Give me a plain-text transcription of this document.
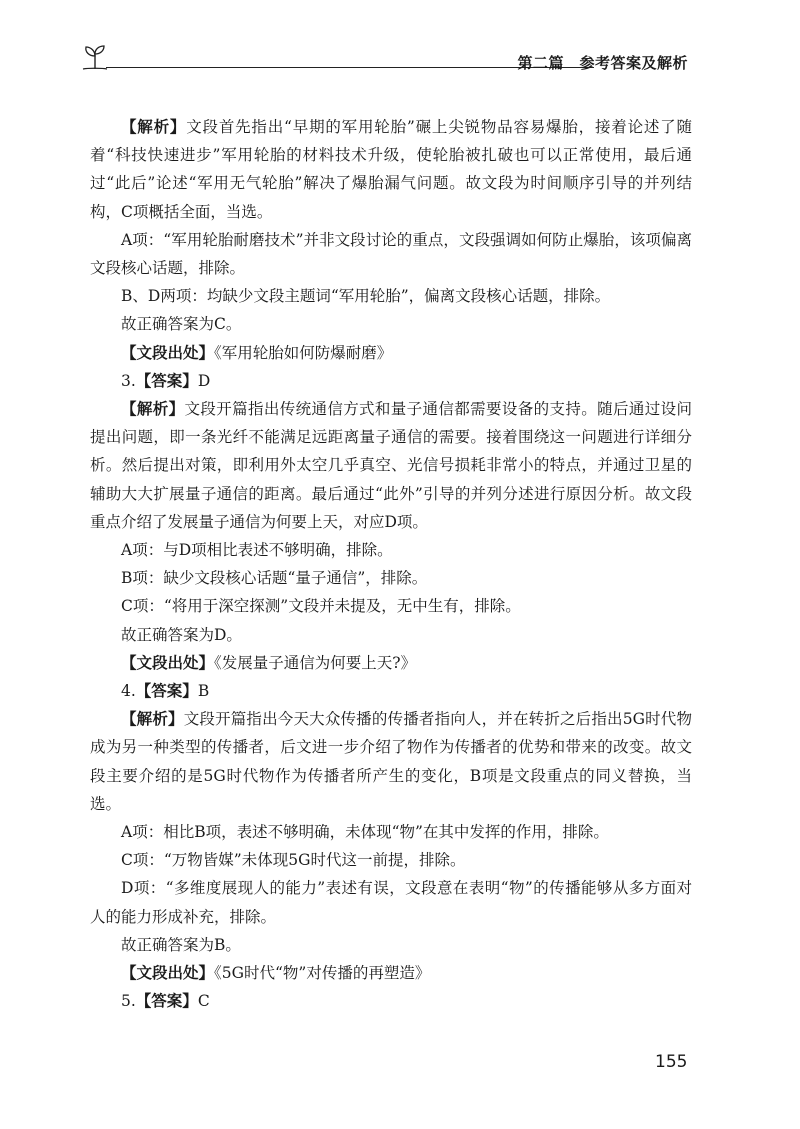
第二篇　参考答案及解析

【解析】文段首先指出“早期的军用轮胎”碾上尖锐物品容易爆胎，接着论述了随着“科技快速进步”军用轮胎的材料技术升级，使轮胎被扎破也可以正常使用，最后通过“此后”论述“军用无气轮胎”解决了爆胎漏气问题。故文段为时间顺序引导的并列结构，C项概括全面，当选。

A项：“军用轮胎耐磨技术”并非文段讨论的重点，文段强调如何防止爆胎，该项偏离文段核心话题，排除。

B、D两项：均缺少文段主题词“军用轮胎”，偏离文段核心话题，排除。

故正确答案为C。

【文段出处】《军用轮胎如何防爆耐磨》

3.【答案】D

【解析】文段开篇指出传统通信方式和量子通信都需要设备的支持。随后通过设问提出问题，即一条光纤不能满足远距离量子通信的需要。接着围绕这一问题进行详细分析。然后提出对策，即利用外太空几乎真空、光信号损耗非常小的特点，并通过卫星的辅助大大扩展量子通信的距离。最后通过“此外”引导的并列分述进行原因分析。故文段重点介绍了发展量子通信为何要上天，对应D项。

A项：与D项相比表述不够明确，排除。

B项：缺少文段核心话题“量子通信”，排除。

C项：“将用于深空探测”文段并未提及，无中生有，排除。

故正确答案为D。

【文段出处】《发展量子通信为何要上天?》

4.【答案】B

【解析】文段开篇指出今天大众传播的传播者指向人，并在转折之后指出5G时代物成为另一种类型的传播者，后文进一步介绍了物作为传播者的优势和带来的改变。故文段主要介绍的是5G时代物作为传播者所产生的变化，B项是文段重点的同义替换，当选。

A项：相比B项，表述不够明确，未体现“物”在其中发挥的作用，排除。

C项：“万物皆媒”未体现5G时代这一前提，排除。

D项：“多维度展现人的能力”表述有误，文段意在表明“物”的传播能够从多方面对人的能力形成补充，排除。

故正确答案为B。

【文段出处】《5G时代“物”对传播的再塑造》

5.【答案】C

155
